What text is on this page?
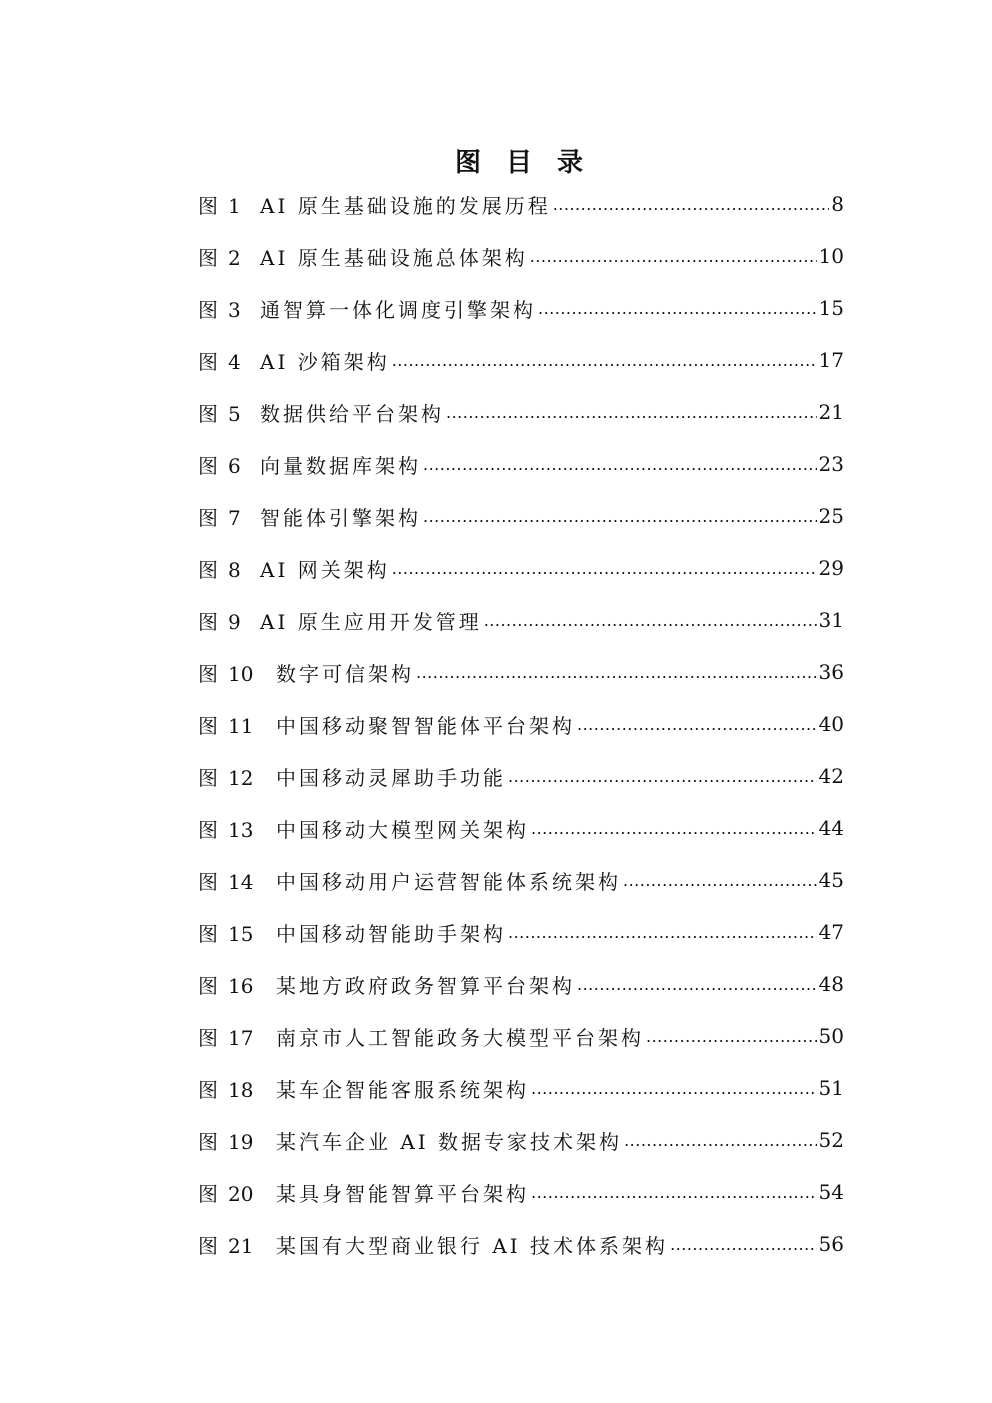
图 目 录
图 1 AI 原生基础设施的发展历程 .....	8
图 2 AI 原生基础设施总体架构 .....	10
图 3 通智算一体化调度引擎架构 .....	15
图 4 AI 沙箱架构 .....	17
图 5 数据供给平台架构 .....	21
图 6 向量数据库架构 .....	23
图 7 智能体引擎架构 .....	25
图 8 AI 网关架构 .....	29
图 9 AI 原生应用开发管理 .....	31
图 10	数字可信架构 .....	36
图 11	中国移动聚智智能体平台架构 .....	40
图 12	中国移动灵犀助手功能 .....	42
图 13	中国移动大模型网关架构 .....	44
图 14	中国移动用户运营智能体系统架构 .....	45
图 15	中国移动智能助手架构 .....	47
图 16	某地方政府政务智算平台架构 .....	48
图 17	南京市人工智能政务大模型平台架构 .....	50
图 18	某车企智能客服系统架构 .....	51
图 19	某汽车企业 AI 数据专家技术架构 .....	52
图 20	某具身智能智算平台架构 .....	54
图 21	某国有大型商业银行 AI 技术体系架构 .....	56
